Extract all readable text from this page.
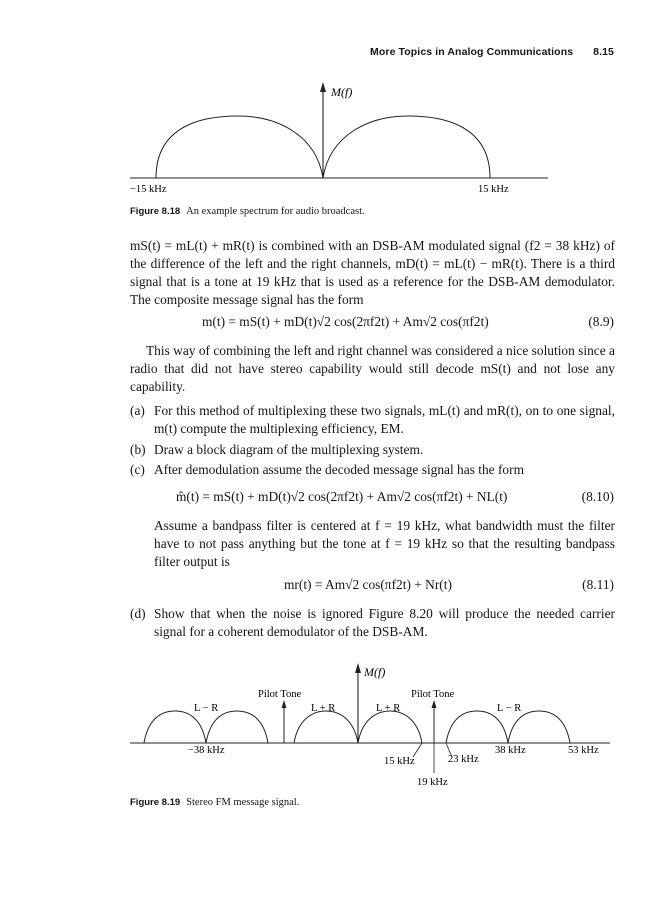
More Topics in Analog Communications 8.15
M(f)
−15 kHz	15 kHz
Figure 8.18 An example spectrum for audio broadcast.
mS(t) = mL(t) + mR(t) is combined with an DSB-AM modulated signal (f2 = 38 kHz) of the difference of the left and the right channels, mD(t) = mL(t) − mR(t). There is a third signal that is a tone at 19 kHz that is used as a reference for the DSB-AM demodulator. The composite message signal has the form
m(t) = mS(t) + mD(t)√2 cos(2πf2t) + Am√2 cos(πf2t)	(8.9)
This way of combining the left and right channel was considered a nice solution since a radio that did not have stereo capability would still decode mS(t) and not lose any capability.
(a) For this method of multiplexing these two signals, mL(t) and mR(t), on to one signal, m(t) compute the multiplexing efficiency, EM.
(b) Draw a block diagram of the multiplexing system.
(c) After demodulation assume the decoded message signal has the form
m̂(t) = mS(t) + mD(t)√2 cos(2πf2t) + Am√2 cos(πf2t) + NL(t)	(8.10)
Assume a bandpass filter is centered at f = 19 kHz, what bandwidth must the filter have to not pass anything but the tone at f = 19 kHz so that the resulting bandpass filter output is
mr(t) = Am√2 cos(πf2t) + Nr(t)	(8.11)
(d) Show that when the noise is ignored Figure 8.20 will produce the needed carrier signal for a coherent demodulator of the DSB-AM.
M(f)
Pilot Tone	Pilot Tone
L − R	L + R	L + R	L − R
−38 kHz
15 kHz	23 kHz
19 kHz
38 kHz	53 kHz
Figure 8.19 Stereo FM message signal.
